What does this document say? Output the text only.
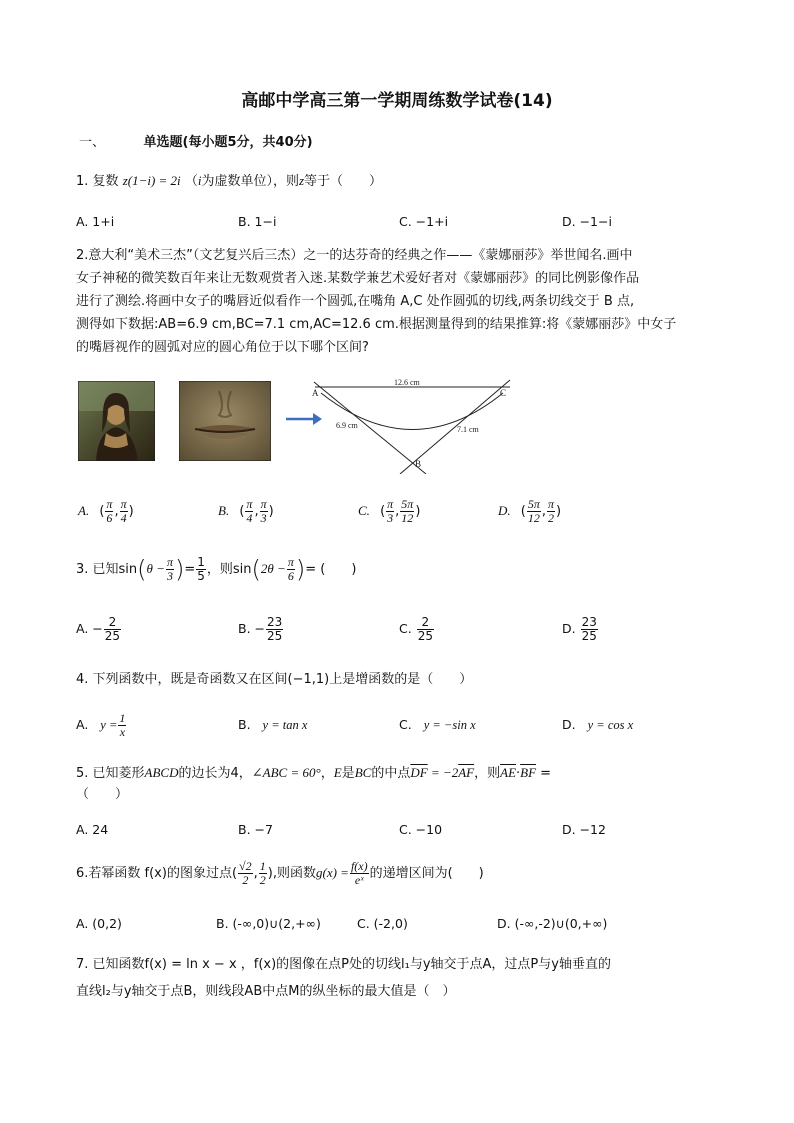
高邮中学高三第一学期周练数学试卷(14)
一、	单选题(每小题5分，共40分)
1. 复数 z(1−i) = 2i （i为虚数单位），则z等于（　　）
A. 1+i	B. 1−i	C. −1+i	D. −1−i
2.意大利“美术三杰”（文艺复兴后三杰）之一的达芬奇的经典之作——《蒙娜丽莎》举世闻名.画中
女子神秘的微笑数百年来让无数观赏者入迷.某数学兼艺术爱好者对《蒙娜丽莎》的同比例影像作品
进行了测绘.将画中女子的嘴唇近似看作一个圆弧,在嘴角 A,C 处作圆弧的切线,两条切线交于 B 点,
测得如下数据:AB=6.9 cm,BC=7.1 cm,AC=12.6 cm.根据测量得到的结果推算:将《蒙娜丽莎》中女子
的嘴唇视作的圆弧对应的圆心角位于以下哪个区间?
12.6 cm
6.9 cm	7.1 cm
A	C
B
A. ( $\frac{\pi}{6}$ , $\frac{\pi}{4}$ )	B. ( $\frac{\pi}{4}$ , $\frac{\pi}{3}$ )	C. ( $\frac{\pi}{3}$ , $\frac{5\pi}{12}$ )	D. ( $\frac{5\pi}{12}$ , $\frac{\pi}{2}$ )
3. 已知$\sin(\theta - \frac{\pi}{3}$ )= $\frac{1}{5}$ ，则$\sin(2\theta - \frac{\pi}{6}$ )= (　　)
A. − $\frac{2}{25}$	B. − $\frac{23}{25}$	C. $\frac{2}{25}$	D. $\frac{23}{25}$
4. 下列函数中，既是奇函数又在区间(−1,1)上是增函数的是（　　）
A. $y = \frac{1}{x}$	B. y = tan x	C. y = −sin x	D. y = cos x
5. 已知菱形ABCD的边长为4，∠ABC = 60°，E是BC的中点$\overline{DF} = -2\overline{AF}$，则$\overline{AE}\cdot\overline{BF}$ =
（　　）
A. 24	B. −7	C. −10	D. −12
6.若幂函数 f(x)的图象过点( $\frac{√2}{2}$ , $\frac{1}{2}$ ),则函数$g(x) = \frac{f(x)}{\text{eˣ}}$ 的递增区间为(　　)
A. (0,2)	B. (-∞,0)∪(2,+∞)	C. (-2,0)	D. (-∞,-2)∪(0,+∞)
7. 已知函数f(x) = ln x − x ，f(x)的图像在点P处的切线l₁与y轴交于点A，过点P与y轴垂直的
直线l₂与y轴交于点B，则线段AB中点M的纵坐标的最大值是（　）
